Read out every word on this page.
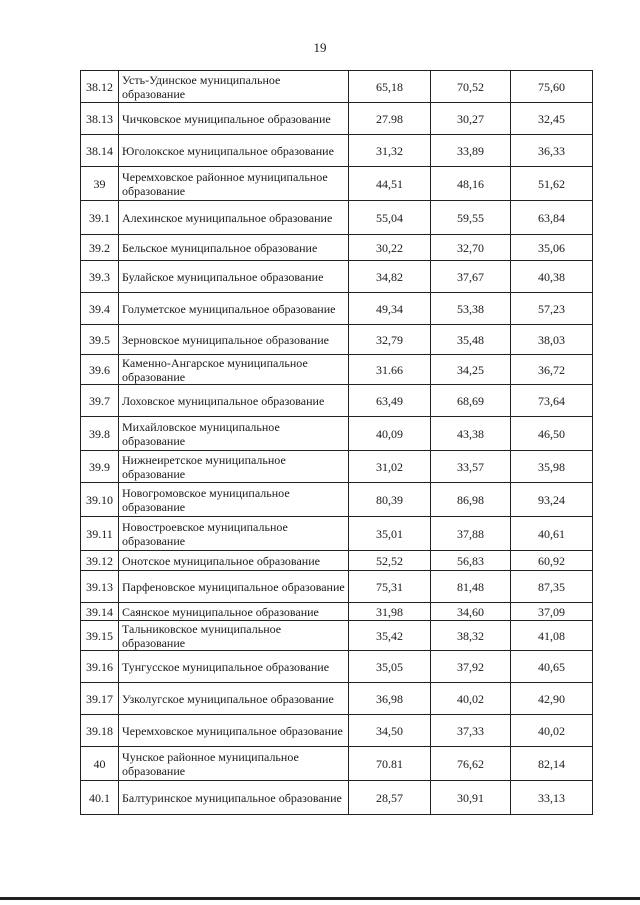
19
38.12	Усть-Удинское муниципальное образование	65,18	70,52	75,60
38.13	Чичковское муниципальное образование	27.98	30,27	32,45
38.14	Юголокское муниципальное образование	31,32	33,89	36,33
39	Черемховское районное муниципальное образование	44,51	48,16	51,62
39.1	Алехинское муниципальное образование	55,04	59,55	63,84
39.2	Бельское муниципальное образование	30,22	32,70	35,06
39.3	Булайское муниципальное образование	34,82	37,67	40,38
39.4	Голуметское муниципальное образование	49,34	53,38	57,23
39.5	Зерновское муниципальное образование	32,79	35,48	38,03
39.6	Каменно-Ангарское муниципальное образование	31.66	34,25	36,72
39.7	Лоховское муниципальное образование	63,49	68,69	73,64
39.8	Михайловское муниципальное образование	40,09	43,38	46,50
39.9	Нижнеиретское муниципальное образование	31,02	33,57	35,98
39.10	Новогромовское муниципальное образование	80,39	86,98	93,24
39.11	Новостроевское муниципальное образование	35,01	37,88	40,61
39.12	Онотское муниципальное образование	52,52	56,83	60,92
39.13	Парфеновское муниципальное образование	75,31	81,48	87,35
39.14	Саянское муниципальное образование	31,98	34,60	37,09
39.15	Тальниковское муниципальное образование	35,42	38,32	41,08
39.16	Тунгусское муниципальное образование	35,05	37,92	40,65
39.17	Узколугское муниципальное образование	36,98	40,02	42,90
39.18	Черемховское муниципальное образование	34,50	37,33	40,02
40	Чунское районное муниципальное образование	70.81	76,62	82,14
40.1	Балтуринское муниципальное образование	28,57	30,91	33,13
